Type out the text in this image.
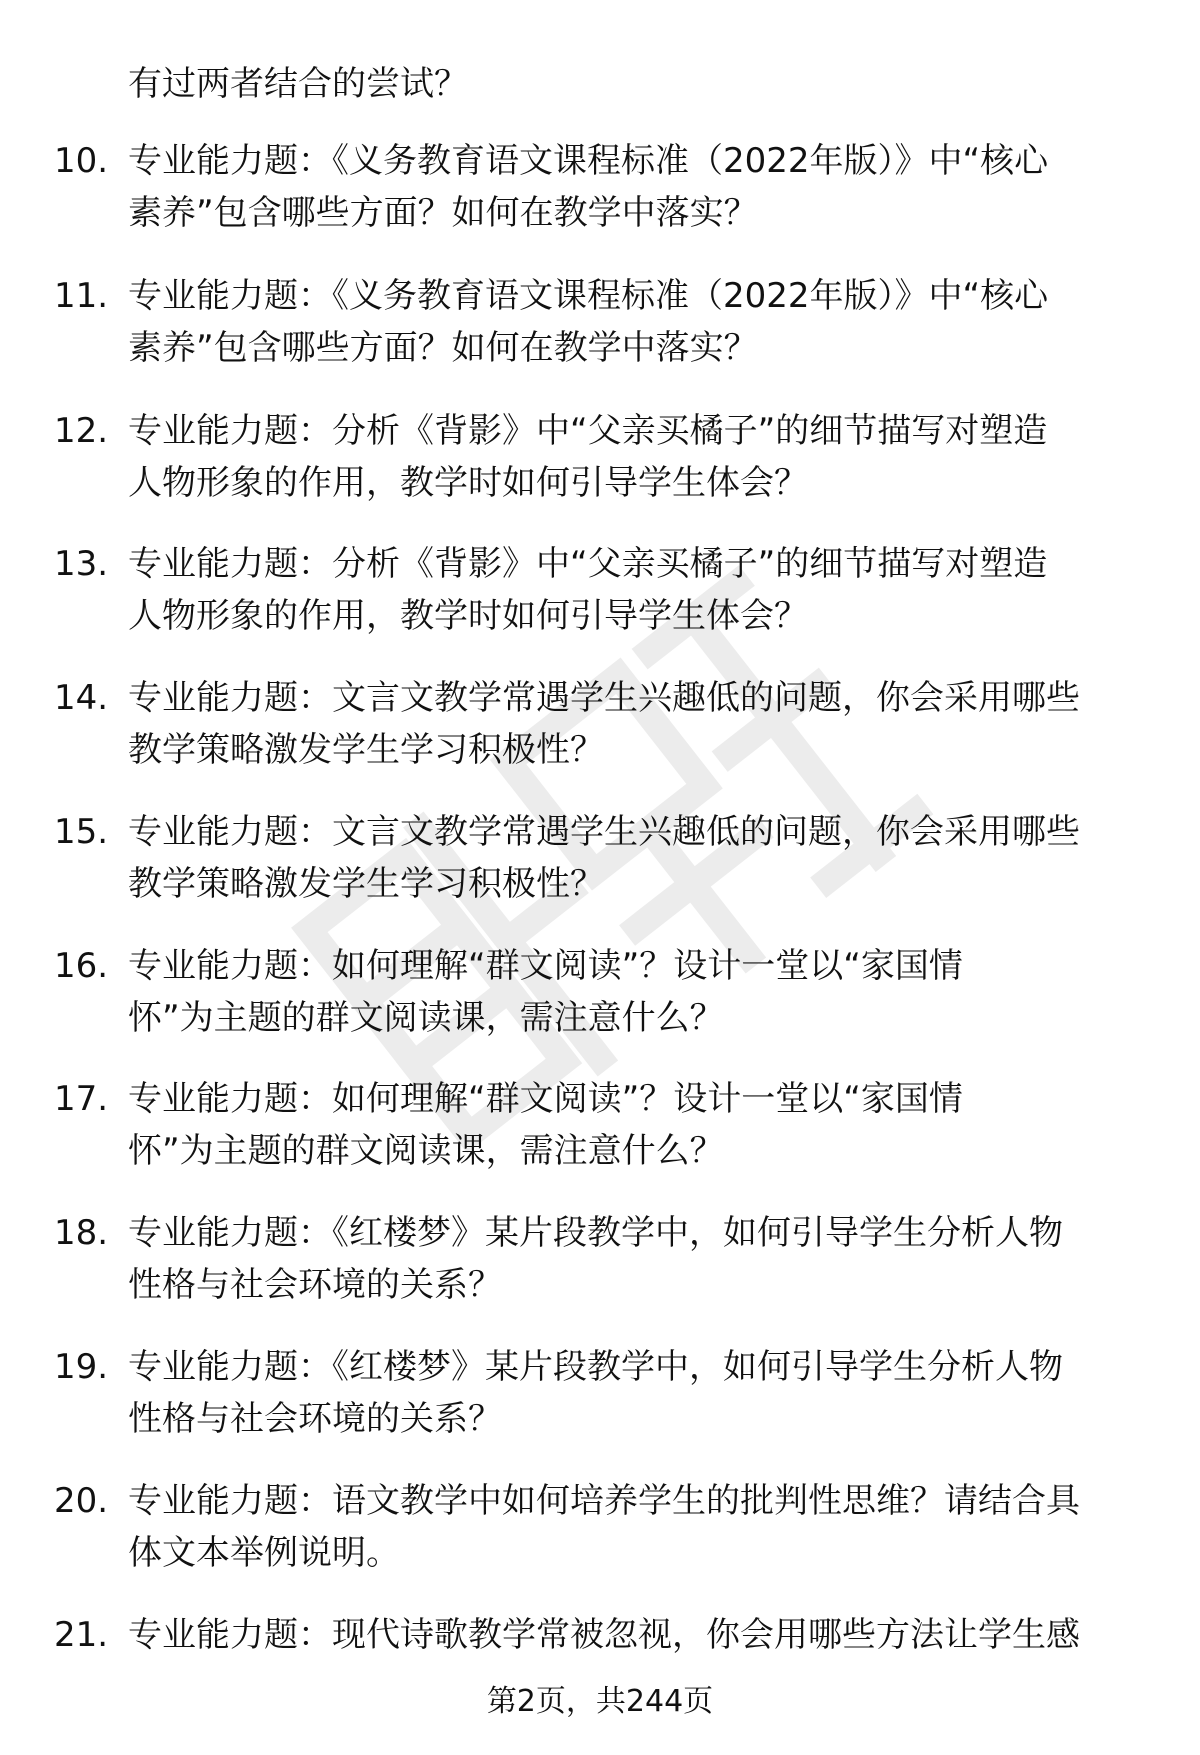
有过两者结合的尝试？
10. 专业能力题：《义务教育语文课程标准（2022年版）》中“核心
素养”包含哪些方面？如何在教学中落实？
11. 专业能力题：《义务教育语文课程标准（2022年版）》中“核心
素养”包含哪些方面？如何在教学中落实？
12. 专业能力题：分析《背影》中“父亲买橘子”的细节描写对塑造
人物形象的作用，教学时如何引导学生体会？
13. 专业能力题：分析《背影》中“父亲买橘子”的细节描写对塑造
人物形象的作用，教学时如何引导学生体会？
14. 专业能力题：文言文教学常遇学生兴趣低的问题，你会采用哪些
教学策略激发学生学习积极性？
15. 专业能力题：文言文教学常遇学生兴趣低的问题，你会采用哪些
教学策略激发学生学习积极性？
16. 专业能力题：如何理解“群文阅读”？设计一堂以“家国情
怀”为主题的群文阅读课，需注意什么？
17. 专业能力题：如何理解“群文阅读”？设计一堂以“家国情
怀”为主题的群文阅读课，需注意什么？
18. 专业能力题：《红楼梦》某片段教学中，如何引导学生分析人物
性格与社会环境的关系？
19. 专业能力题：《红楼梦》某片段教学中，如何引导学生分析人物
性格与社会环境的关系？
20. 专业能力题：语文教学中如何培养学生的批判性思维？请结合具
体文本举例说明。
21. 专业能力题：现代诗歌教学常被忽视，你会用哪些方法让学生感
第2页，共244页
